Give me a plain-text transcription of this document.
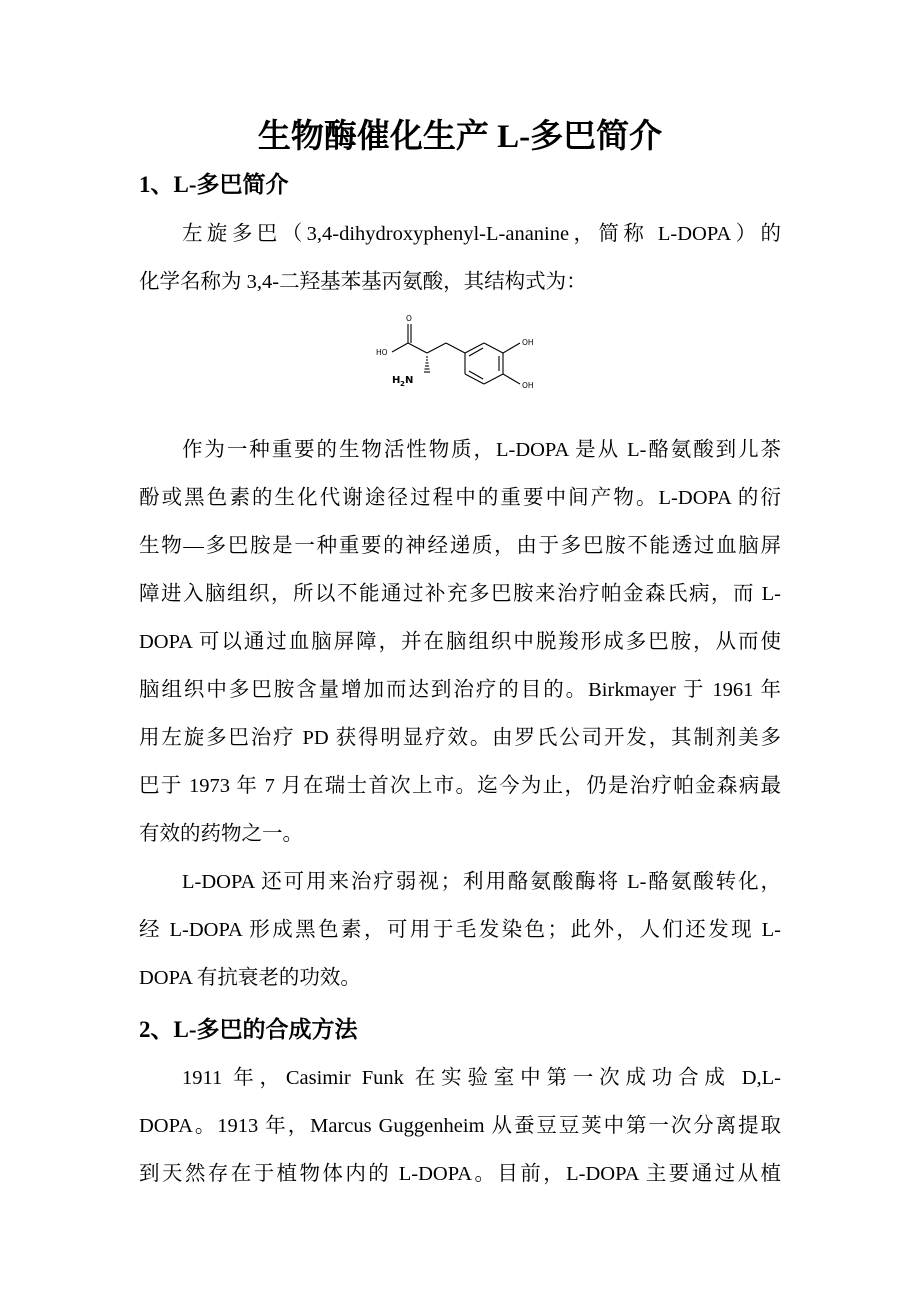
生物酶催化生产 L-多巴简介
1、L-多巴简介

左旋多巴（3,4-dihydroxyphenyl-L-ananine，简称 L-DOPA）的

化学名称为 3,4-二羟基苯基丙氨酸，其结构式为：

HO
O
OH
OH
H 2 N

作为一种重要的生物活性物质，L-DOPA 是从 L-酪氨酸到儿茶

酚或黑色素的生化代谢途径过程中的重要中间产物。L-DOPA 的衍

生物—多巴胺是一种重要的神经递质，由于多巴胺不能透过血脑屏

障进入脑组织，所以不能通过补充多巴胺来治疗帕金森氏病，而 L-

DOPA 可以通过血脑屏障，并在脑组织中脱羧形成多巴胺，从而使

脑组织中多巴胺含量增加而达到治疗的目的。Birkmayer 于 1961 年

用左旋多巴治疗 PD 获得明显疗效。由罗氏公司开发，其制剂美多

巴于 1973 年 7 月在瑞士首次上市。迄今为止，仍是治疗帕金森病最

有效的药物之一。

L-DOPA 还可用来治疗弱视；利用酪氨酸酶将 L-酪氨酸转化，

经 L-DOPA 形成黑色素，可用于毛发染色；此外，人们还发现 L-

DOPA 有抗衰老的功效。

2、L-多巴的合成方法

1911 年，Casimir Funk 在实验室中第一次成功合成 D,L-

DOPA。1913 年，Marcus Guggenheim 从蚕豆豆荚中第一次分离提取

到天然存在于植物体内的 L-DOPA。目前，L-DOPA 主要通过从植
